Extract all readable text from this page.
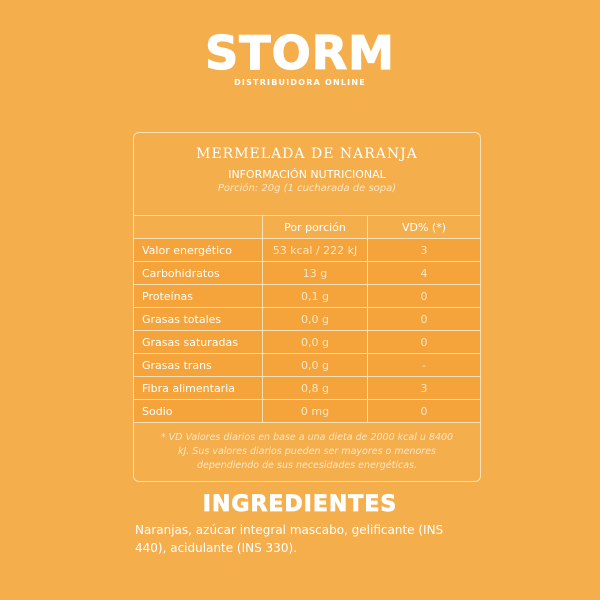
STORM
DISTRIBUIDORA ONLINE
MERMELADA DE NARANJA
INFORMACIÓN NUTRICIONAL
Porción: 20g (1 cucharada de sopa)
	Por porción	VD% (*)
Valor energético	53 kcal / 222 kJ	3
Carbohidratos	13 g	4
Proteínas	0,1 g	0
Grasas totales	0,0 g	0
Grasas saturadas	0,0 g	0
Grasas trans	0,0 g	-
Fibra alimentaria	0,8 g	3
Sodio	0 mg	0
* VD Valores diarios en base a una dieta de 2000 kcal u 8400 kJ. Sus valores diarios pueden ser mayores o menores dependiendo de sus necesidades energéticas.
INGREDIENTES
Naranjas, azúcar integral mascabo, gelificante (INS 440), acidulante (INS 330).
